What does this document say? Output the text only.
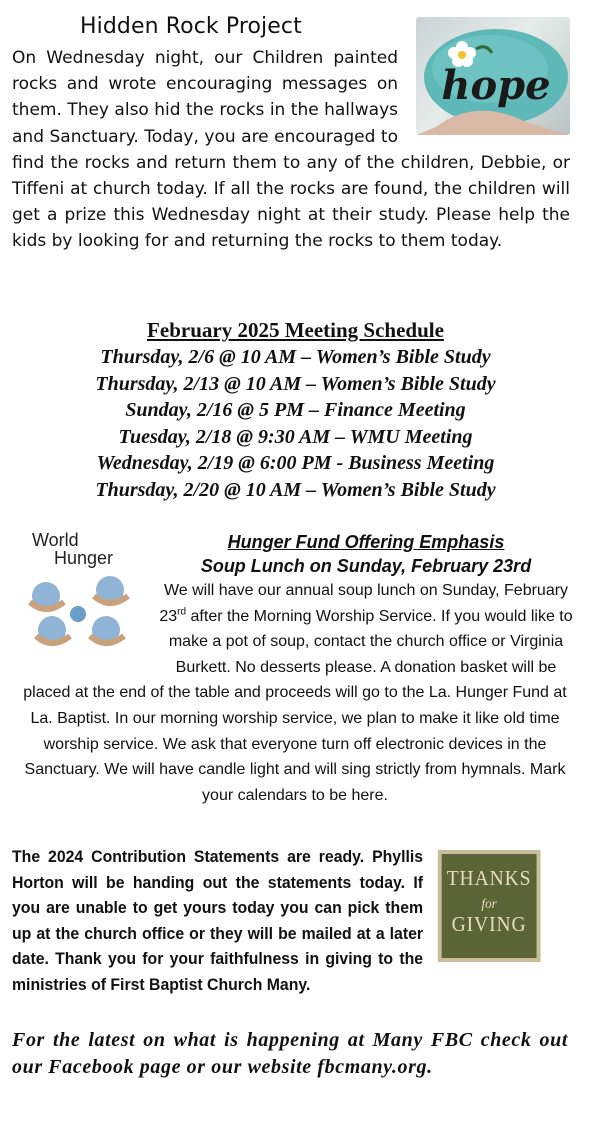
Hidden Rock Project
hope
On Wednesday night, our Children painted rocks and wrote encouraging messages on them. They also hid the rocks in the hallways and Sanctuary. Today, you are encouraged to find the rocks and return them to any of the children, Debbie, or Tiffeni at church today. If all the rocks are found, the children will get a prize this Wednesday night at their study. Please help the kids by looking for and returning the rocks to them today.
February 2025 Meeting Schedule
Thursday, 2/6 @ 10 AM – Women’s Bible Study
Thursday, 2/13 @ 10 AM – Women’s Bible Study
Sunday, 2/16 @ 5 PM – Finance Meeting
Tuesday, 2/18 @ 9:30 AM – WMU Meeting
Wednesday, 2/19 @ 6:00 PM - Business Meeting
Thursday, 2/20 @ 10 AM – Women’s Bible Study
World
Hunger
Hunger Fund Offering Emphasis
Soup Lunch on Sunday, February 23rd

We will have our annual soup lunch on Sunday, February 23rd after the Morning Worship Service. If you would like to make a pot of soup, contact the church office or Virginia Burkett. No desserts please. A donation basket will be placed at the end of the table and proceeds will go to the La. Hunger Fund at La. Baptist. In our morning worship service, we plan to make it like old time worship service. We ask that everyone turn off electronic devices in the Sanctuary. We will have candle light and will sing strictly from hymnals. Mark your calendars to be here.

THANKS
for
GIVING
The 2024 Contribution Statements are ready. Phyllis Horton will be handing out the statements today. If you are unable to get yours today you can pick them up at the church office or they will be mailed at a later date. Thank you for your faithfulness in giving to the ministries of First Baptist Church Many.

For the latest on what is happening at Many FBC check out our Facebook page or our website fbcmany.org.
